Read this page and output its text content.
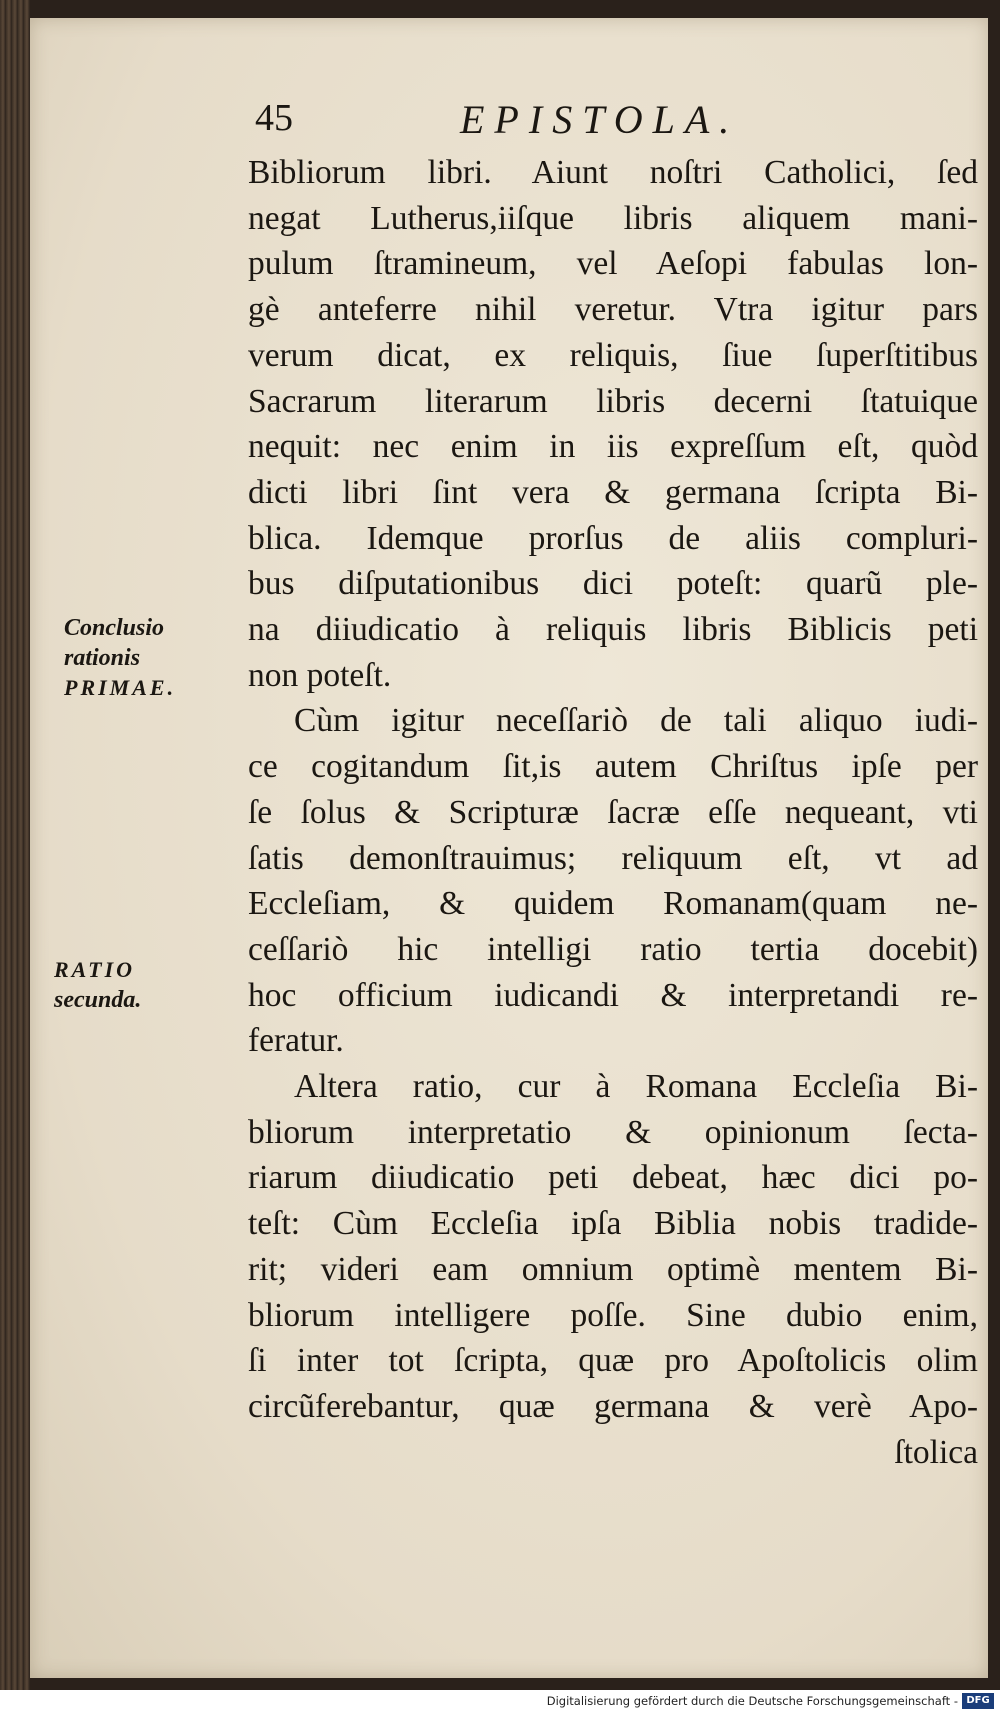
45	EPISTOLA.
Conclusio
rationis
PRIMAE.
RATIO
secunda.
Bibliorum libri. Aiunt noſtri Catholici, ſed
negat Lutherus,iiſque libris aliquem mani-
pulum ſtramineum, vel Aeſopi fabulas lon-
gè anteferre nihil veretur. Vtra igitur pars
verum dicat, ex reliquis, ſiue ſuperſtitibus
Sacrarum literarum libris decerni ſtatuique
nequit: nec enim in iis expreſſum eſt, quòd
dicti libri ſint vera & germana ſcripta Bi-
blica. Idemque prorſus de aliis compluri-
bus diſputationibus dici poteſt: quarũ ple-
na diiudicatio à reliquis libris Biblicis peti
non poteſt.
Cùm igitur neceſſariò de tali aliquo iudi-
ce cogitandum ſit,is autem Chriſtus ipſe per
ſe ſolus & Scripturæ ſacræ eſſe nequeant, vti
ſatis demonſtrauimus; reliquum eſt, vt ad
Eccleſiam, & quidem Romanam(quam ne-
ceſſariò hic intelligi ratio tertia docebit)
hoc officium iudicandi & interpretandi re-
feratur.
Altera ratio, cur à Romana Eccleſia Bi-
bliorum interpretatio & opinionum ſecta-
riarum diiudicatio peti debeat, hæc dici po-
teſt: Cùm Eccleſia ipſa Biblia nobis tradide-
rit; videri eam omnium optimè mentem Bi-
bliorum intelligere poſſe. Sine dubio enim,
ſi inter tot ſcripta, quæ pro Apoſtolicis olim
circũferebantur, quæ germana & verè Apo-
ſtolica
Digitalisierung gefördert durch die Deutsche Forschungsgemeinschaft - DFG
